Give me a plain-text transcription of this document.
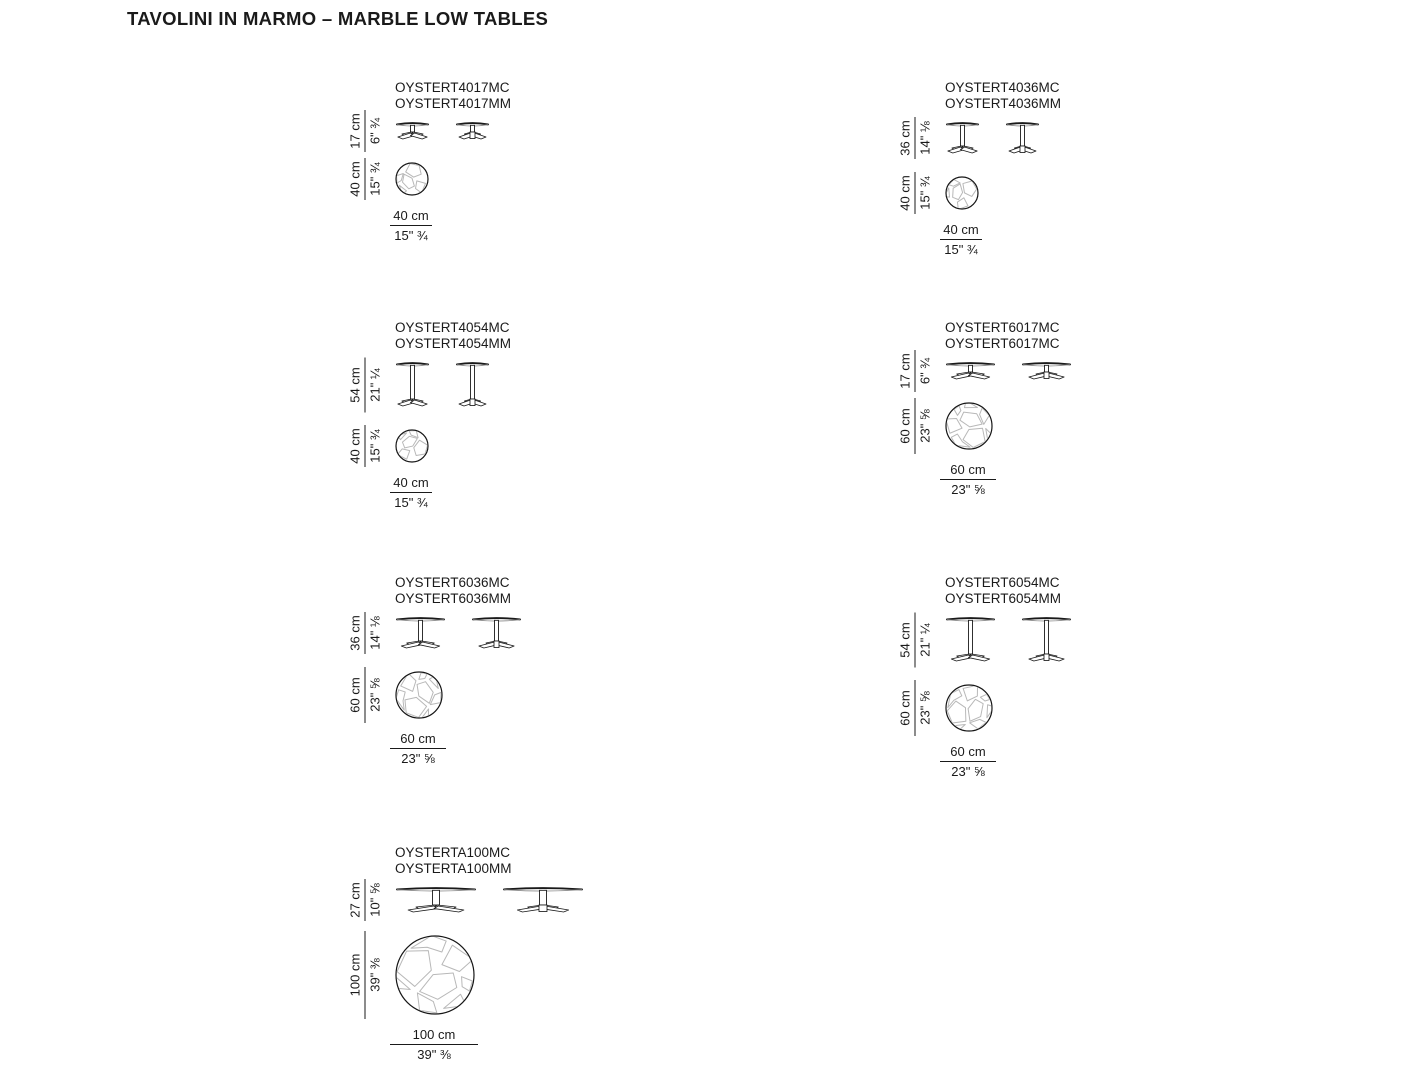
TAVOLINI IN MARMO – MARBLE LOW TABLES
OYSTERT4017MC
OYSTERT4017MM
17 cm 6" ¾
40 cm 15" ¾
40 cm
15" ¾
OYSTERT4036MC
OYSTERT4036MM
36 cm 14" ⅛
40 cm 15" ¾
40 cm
15" ¾
OYSTERT4054MC
OYSTERT4054MM
54 cm 21" ¼
40 cm 15" ¾
40 cm
15" ¾
OYSTERT6017MC
OYSTERT6017MC
17 cm 6" ¾
60 cm 23" ⅝
60 cm
23" ⅝
OYSTERT6036MC
OYSTERT6036MM
36 cm 14" ⅛
60 cm 23" ⅝
60 cm
23" ⅝
OYSTERT6054MC
OYSTERT6054MM
54 cm 21" ¼
60 cm 23" ⅝
60 cm
23" ⅝
OYSTERTA100MC
OYSTERTA100MM
27 cm 10" ⅝
100 cm 39" ⅜
100 cm
39" ⅜
